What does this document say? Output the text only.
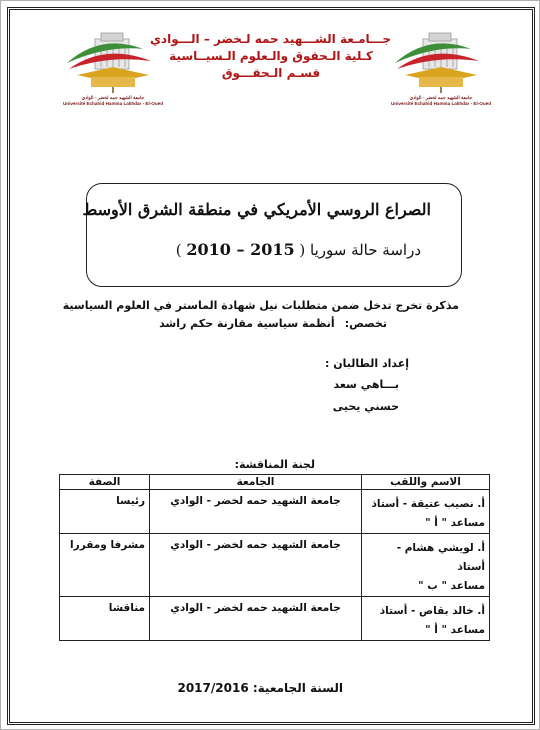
جامعة الشهيد حمه لخضر - الوادي
Université Echahid Hamma Lakhdar - El-Oued
جامعة الشهيد حمه لخضر - الوادي
Université Echahid Hamma Lakhdar - El-Oued
جـــامـعة الشـــهيد حمه لـخضر – الـــوادي
كـلية الـحقوق والـعلوم الـسيــاسية
قسـم الـحقـــوق
الصراع الروسي الأمريكي في منطقة الشرق الأوسط
دراسة حالة سوريا ( 2010 – 2015 )
مذكرة تخرج تدخل ضمن متطلبات نيل شهادة الماستر في العلوم السياسية
تخصص:أنظمة سياسية مقارنة حكم راشد
إعداد الطالبان :
بـــاهي سعد
حسني يحيى
لجنة المناقشة:
الاسم واللقب	الجامعة	الصفة

أ. نصيب عتيقة - أستاذ
مساعد " أ "	جامعة الشهيد حمه لخضر - الوادي	رئيسا

أ. لويشي هشام - أستاذ
مساعد " ب "	جامعة الشهيد حمه لخضر - الوادي	مشرفا ومقررا

أ. خالد بقاص - أستاذ
مساعد " أ "	جامعة الشهيد حمه لخضر - الوادي	مناقشا
السنة الجامعية: 2017/2016
